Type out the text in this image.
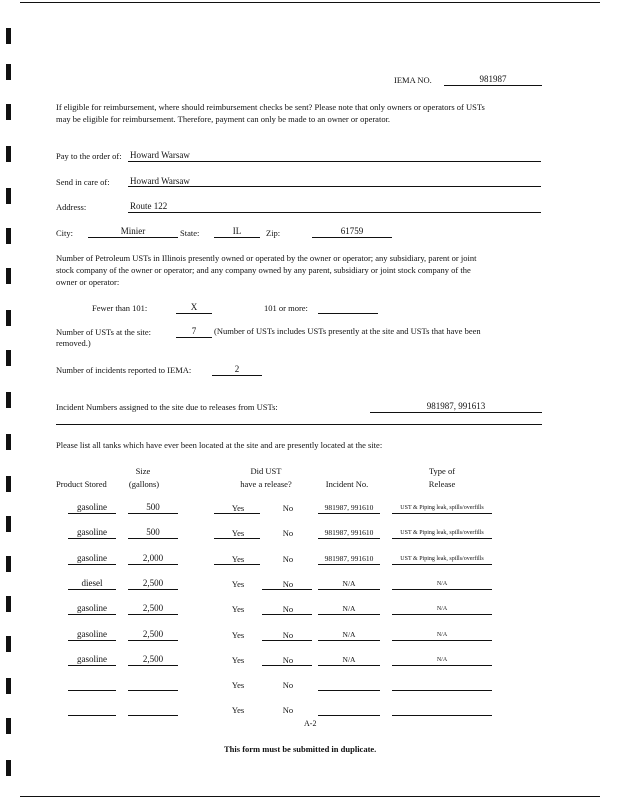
IEMA NO.	981987
If eligible for reimbursement, where should reimbursement checks be sent? Please note that only owners or operators of USTs may be eligible for reimbursement. Therefore, payment can only be made to an owner or operator.
Pay to the order of: Howard Warsaw
Send in care of: Howard Warsaw
Address:	Route 122
City:	Minier	State:	IL	Zip:	61759
Number of Petroleum USTs in Illinois presently owned or operated by the owner or operator; any subsidiary, parent or joint stock company of the owner or operator; and any company owned by any parent, subsidiary or joint stock company of the owner or operator:
Fewer than 101:	X	101 or more:
Number of USTs at the site:	7	(Number of USTs includes USTs presently at the site and USTs that have been removed.)
Number of incidents reported to IEMA:	2
Incident Numbers assigned to the site due to releases from USTs:	981987, 991613
Please list all tanks which have ever been located at the site and are presently located at the site:
Product Stored
Size
(gallons)
Did UST
have a release?	Incident No.
Type of
Release
gasoline	500	Yes	No	981987, 991610	UST & Piping leak, spills/overfills
gasoline	500	Yes	No	981987, 991610	UST & Piping leak, spills/overfills
gasoline	2,000	Yes	No	981987, 991610	UST & Piping leak, spills/overfills
diesel	2,500	Yes	No	N/A	N/A
gasoline	2,500	Yes	No	N/A	N/A
gasoline	2,500	Yes	No	N/A	N/A
gasoline	2,500	Yes	No	N/A	N/A
Yes	No
Yes	No
A-2
This form must be submitted in duplicate.
